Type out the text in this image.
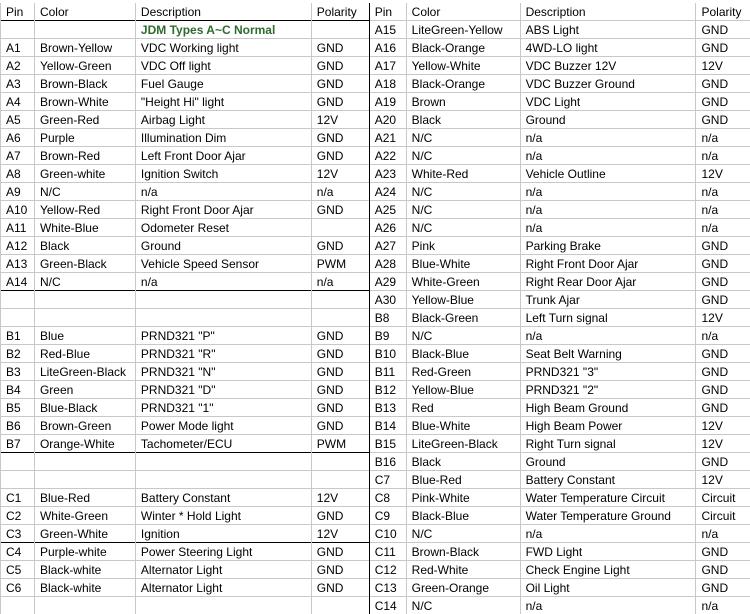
Pin	Color	Description	Polarity	Pin	Color	Description	Polarity
		JDM Types A~C Normal		A15	LiteGreen-Yellow	ABS Light	GND
A1	Brown-Yellow	VDC Working light	GND	A16	Black-Orange	4WD-LO light	GND
A2	Yellow-Green	VDC Off light	GND	A17	Yellow-White	VDC Buzzer 12V	12V
A3	Brown-Black	Fuel Gauge	GND	A18	Black-Orange	VDC Buzzer Ground	GND
A4	Brown-White	"Height Hi" light	GND	A19	Brown	VDC Light	GND
A5	Green-Red	Airbag Light	12V	A20	Black	Ground	GND
A6	Purple	Illumination Dim	GND	A21	N/C	n/a	n/a
A7	Brown-Red	Left Front Door Ajar	GND	A22	N/C	n/a	n/a
A8	Green-white	Ignition Switch	12V	A23	White-Red	Vehicle Outline	12V
A9	N/C	n/a	n/a	A24	N/C	n/a	n/a
A10	Yellow-Red	Right Front Door Ajar	GND	A25	N/C	n/a	n/a
A11	White-Blue	Odometer Reset		A26	N/C	n/a	n/a
A12	Black	Ground	GND	A27	Pink	Parking Brake	GND
A13	Green-Black	Vehicle Speed Sensor	PWM	A28	Blue-White	Right Front Door Ajar	GND
A14	N/C	n/a	n/a	A29	White-Green	Right Rear Door Ajar	GND
				A30	Yellow-Blue	Trunk Ajar	GND
				B8	Black-Green	Left Turn signal	12V
B1	Blue	PRND321 "P"	GND	B9	N/C	n/a	n/a
B2	Red-Blue	PRND321 "R"	GND	B10	Black-Blue	Seat Belt Warning	GND
B3	LiteGreen-Black	PRND321 "N"	GND	B11	Red-Green	PRND321 "3"	GND
B4	Green	PRND321 "D"	GND	B12	Yellow-Blue	PRND321 "2"	GND
B5	Blue-Black	PRND321 "1"	GND	B13	Red	High Beam Ground	GND
B6	Brown-Green	Power Mode light	GND	B14	Blue-White	High Beam Power	12V
B7	Orange-White	Tachometer/ECU	PWM	B15	LiteGreen-Black	Right Turn signal	12V
				B16	Black	Ground	GND
				C7	Blue-Red	Battery Constant	12V
C1	Blue-Red	Battery Constant	12V	C8	Pink-White	Water Temperature Circuit	Circuit
C2	White-Green	Winter * Hold Light	GND	C9	Black-Blue	Water Temperature Ground	Circuit
C3	Green-White	Ignition	12V	C10	N/C	n/a	n/a
C4	Purple-white	Power Steering Light	GND	C11	Brown-Black	FWD Light	GND
C5	Black-white	Alternator Light	GND	C12	Red-White	Check Engine Light	GND
C6	Black-white	Alternator Light	GND	C13	Green-Orange	Oil Light	GND
				C14	N/C	n/a	n/a
